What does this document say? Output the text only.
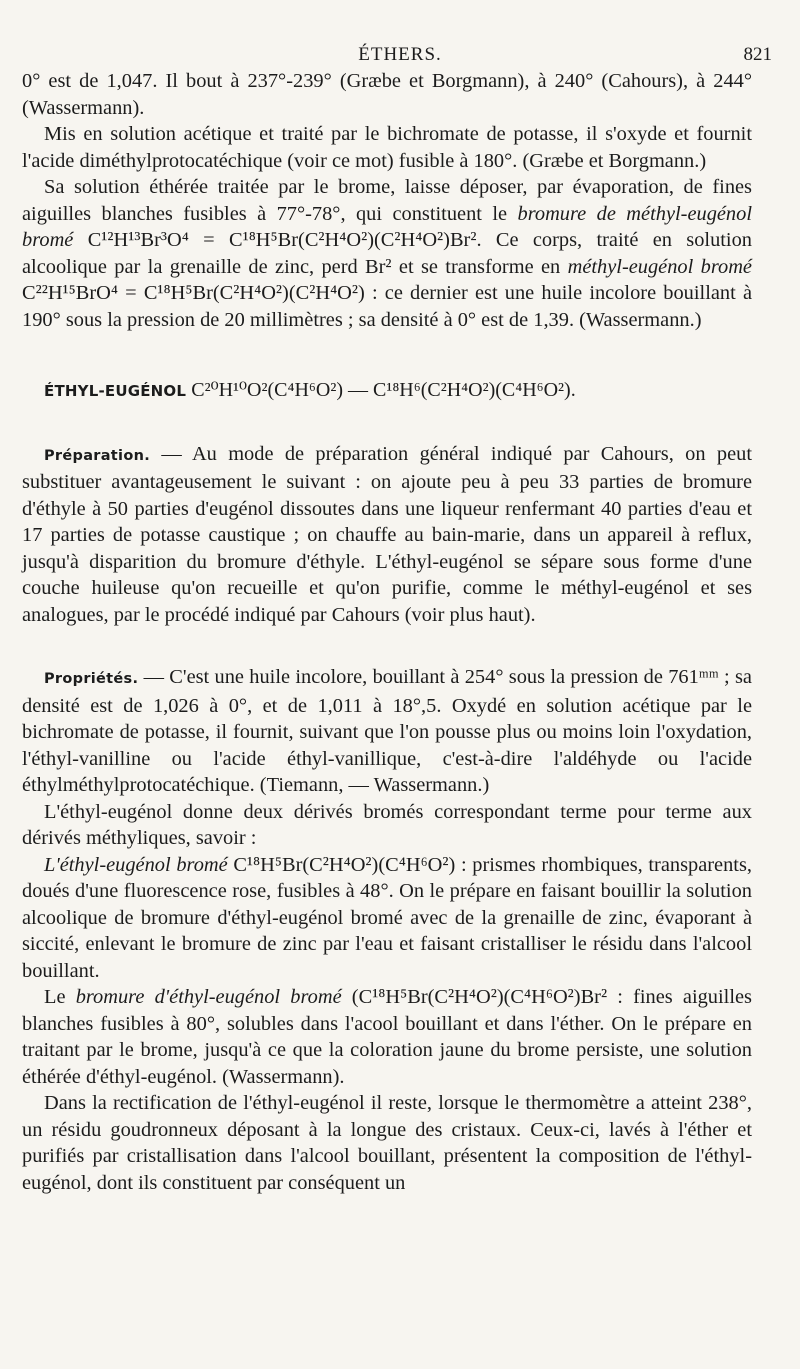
ÉTHERS.	821

0° est de 1,047. Il bout à 237°-239° (Græbe et Borgmann), à 240° (Cahours), à 244° (Wassermann).

Mis en solution acétique et traité par le bichromate de potasse, il s'oxyde et fournit l'acide diméthylprotocatéchique (voir ce mot) fusible à 180°. (Græbe et Borgmann.)

Sa solution éthérée traitée par le brome, laisse déposer, par évaporation, de fines aiguilles blanches fusibles à 77°-78°, qui constituent le bromure de méthyl-eugénol bromé C¹²H¹³Br³O⁴ = C¹⁸H⁵Br(C²H⁴O²)(C²H⁴O²)Br². Ce corps, traité en solution alcoolique par la grenaille de zinc, perd Br² et se transforme en méthyl-eugénol bromé C²²H¹⁵BrO⁴ = C¹⁸H⁵Br(C²H⁴O²)(C²H⁴O²) : ce dernier est une huile incolore bouillant à 190° sous la pression de 20 millimètres ; sa densité à 0° est de 1,39. (Wassermann.)

ÉTHYL-EUGÉNOL C²⁰H¹⁰O²(C⁴H⁶O²) — C¹⁸H⁶(C²H⁴O²)(C⁴H⁶O²).

Préparation. — Au mode de préparation général indiqué par Cahours, on peut substituer avantageusement le suivant : on ajoute peu à peu 33 parties de bromure d'éthyle à 50 parties d'eugénol dissoutes dans une liqueur renfermant 40 parties d'eau et 17 parties de potasse caustique ; on chauffe au bain-marie, dans un appareil à reflux, jusqu'à disparition du bromure d'éthyle. L'éthyl-eugénol se sépare sous forme d'une couche huileuse qu'on recueille et qu'on purifie, comme le méthyl-eugénol et ses analogues, par le procédé indiqué par Cahours (voir plus haut).

Propriétés. — C'est une huile incolore, bouillant à 254° sous la pression de 761ᵐᵐ ; sa densité est de 1,026 à 0°, et de 1,011 à 18°,5. Oxydé en solution acétique par le bichromate de potasse, il fournit, suivant que l'on pousse plus ou moins loin l'oxydation, l'éthyl-vanilline ou l'acide éthyl-vanillique, c'est-à-dire l'aldéhyde ou l'acide éthylméthylprotocatéchique. (Tiemann, — Wassermann.)

L'éthyl-eugénol donne deux dérivés bromés correspondant terme pour terme aux dérivés méthyliques, savoir :

L'éthyl-eugénol bromé C¹⁸H⁵Br(C²H⁴O²)(C⁴H⁶O²) : prismes rhombiques, transparents, doués d'une fluorescence rose, fusibles à 48°. On le prépare en faisant bouillir la solution alcoolique de bromure d'éthyl-eugénol bromé avec de la grenaille de zinc, évaporant à siccité, enlevant le bromure de zinc par l'eau et faisant cristalliser le résidu dans l'alcool bouillant.

Le bromure d'éthyl-eugénol bromé (C¹⁸H⁵Br(C²H⁴O²)(C⁴H⁶O²)Br² : fines aiguilles blanches fusibles à 80°, solubles dans l'acool bouillant et dans l'éther. On le prépare en traitant par le brome, jusqu'à ce que la coloration jaune du brome persiste, une solution éthérée d'éthyl-eugénol. (Wassermann).

Dans la rectification de l'éthyl-eugénol il reste, lorsque le thermomètre a atteint 238°, un résidu goudronneux déposant à la longue des cristaux. Ceux-ci, lavés à l'éther et purifiés par cristallisation dans l'alcool bouillant, présentent la composition de l'éthyl-eugénol, dont ils constituent par conséquent un
